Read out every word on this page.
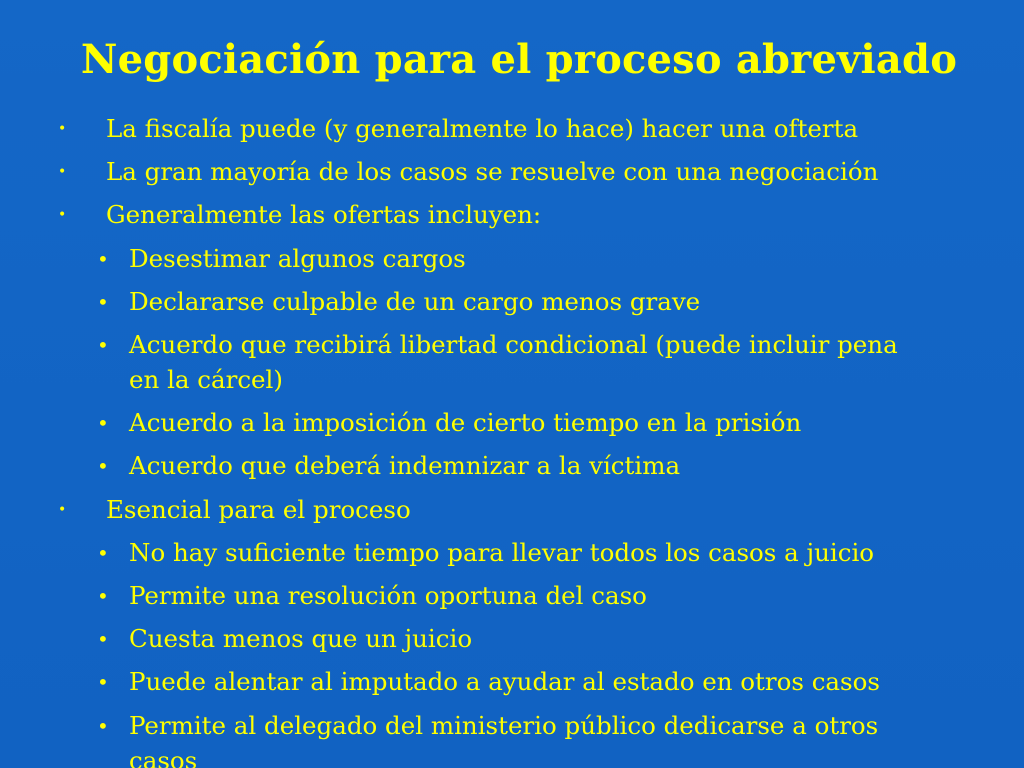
Negociación para el proceso abreviado
• La fiscalía puede (y generalmente lo hace) hacer una ofterta
• La gran mayoría de los casos se resuelve con una negociación
• Generalmente las ofertas incluyen:
• Desestimar algunos cargos
• Declararse culpable de un cargo menos grave
• Acuerdo que recibirá libertad condicional (puede incluir pena
en la cárcel)
• Acuerdo a la imposición de cierto tiempo en la prisión
• Acuerdo que deberá indemnizar a la víctima
• Esencial para el proceso
• No hay suficiente tiempo para llevar todos los casos a juicio
• Permite una resolución oportuna del caso
• Cuesta menos que un juicio
• Puede alentar al imputado a ayudar al estado en otros casos
• Permite al delegado del ministerio público dedicarse a otros
casos
